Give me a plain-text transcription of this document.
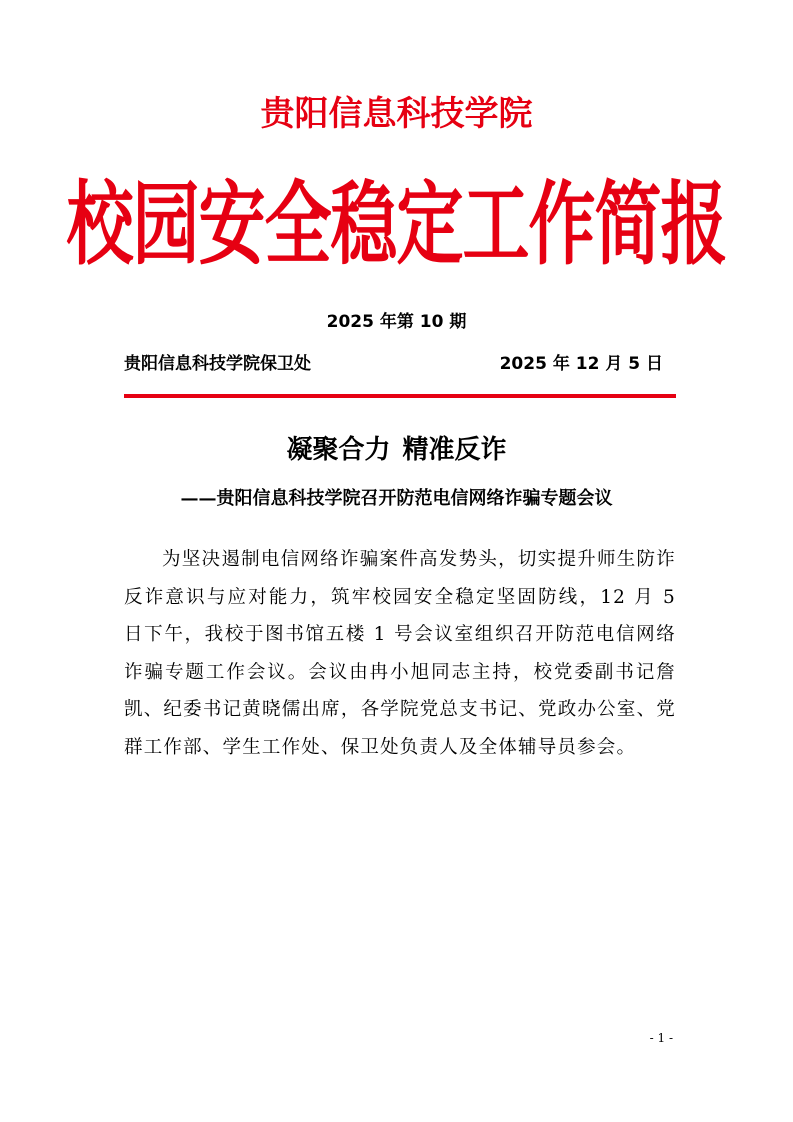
贵阳信息科技学院
校园安全稳定工作简报
2025 年第 10 期
贵阳信息科技学院保卫处	2025 年 12 月 5 日
凝聚合力 精准反诈
——贵阳信息科技学院召开防范电信网络诈骗专题会议

为坚决遏制电信网络诈骗案件高发势头，切实提升师生防诈反诈意识与应对能力，筑牢校园安全稳定坚固防线，12 月 5 日下午，我校于图书馆五楼 1 号会议室组织召开防范电信网络诈骗专题工作会议。会议由冉小旭同志主持，校党委副书记詹凯、纪委书记黄晓儒出席，各学院党总支书记、党政办公室、党群工作部、学生工作处、保卫处负责人及全体辅导员参会。

- 1 -
